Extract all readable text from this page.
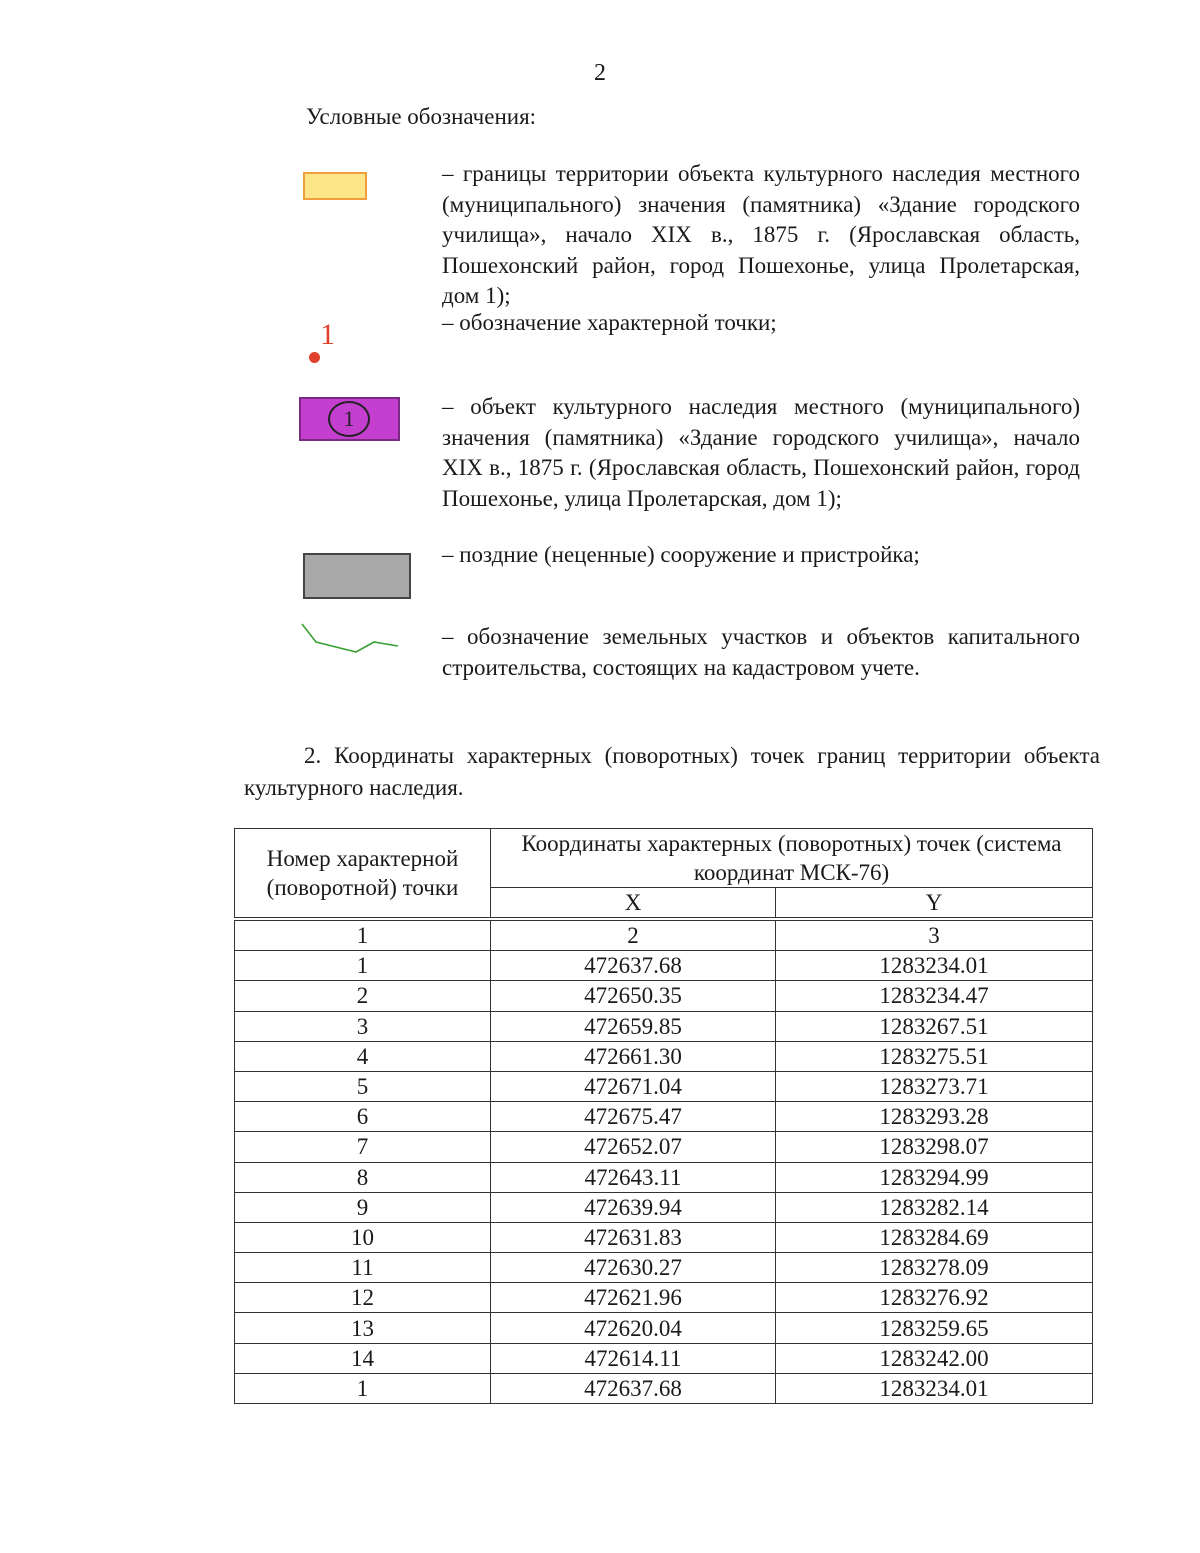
2
Условные обозначения:

– границы территории объекта культурного наследия местного (муниципального) значения (памятника) «Здание городского училища», начало XIX в., 1875 г. (Ярославская область, Пошехонский район, город Пошехонье, улица Пролетарская, дом 1);

1	– обозначение характерной точки;

1	– объект культурного наследия местного (муниципального) значения (памятника) «Здание городского училища», начало XIX в., 1875 г. (Ярославская область, Пошехонский район, город Пошехонье, улица Пролетарская, дом 1);

– поздние (неценные) сооружение и пристройка;

– обозначение земельных участков и объектов капитального строительства, состоящих на кадастровом учете.

2. Координаты характерных (поворотных) точек границ территории объекта культурного наследия.

Номер характерной (поворотной) точки	Координаты характерных (поворотных) точек (система координат МСК-76)	
	X	Y
1	2	3
1	472637.68	1283234.01
2	472650.35	1283234.47
3	472659.85	1283267.51
4	472661.30	1283275.51
5	472671.04	1283273.71
6	472675.47	1283293.28
7	472652.07	1283298.07
8	472643.11	1283294.99
9	472639.94	1283282.14
10	472631.83	1283284.69
11	472630.27	1283278.09
12	472621.96	1283276.92
13	472620.04	1283259.65
14	472614.11	1283242.00
1	472637.68	1283234.01
